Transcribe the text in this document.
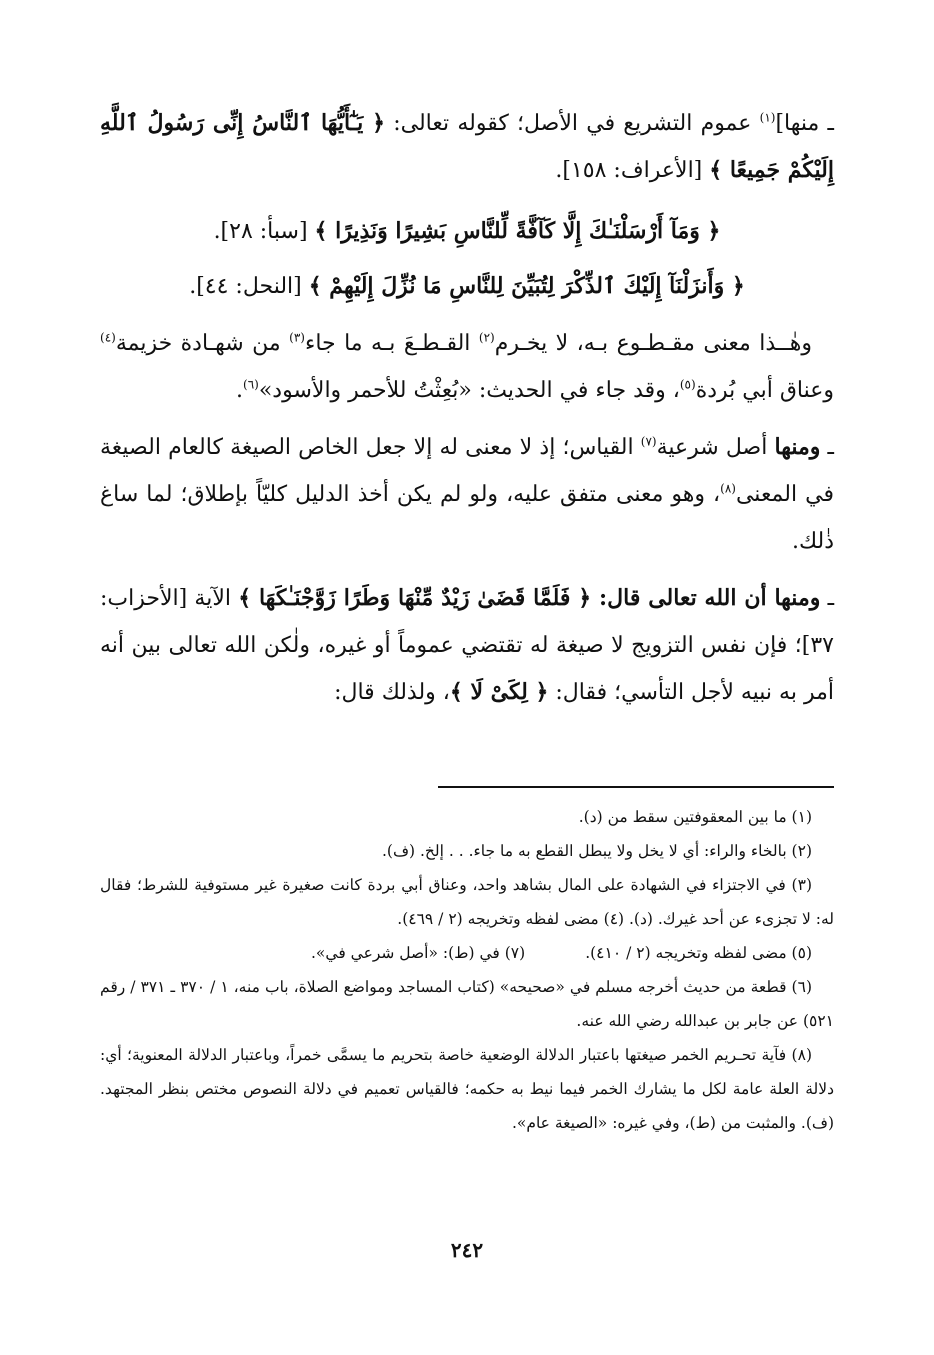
ـ منها]$^{(١)}$ عموم التشريع في الأصل؛ كقوله تعالى: ﴿ يَـٰٓأَيُّهَا ٱلنَّاسُ إِنِّى رَسُولُ ٱللَّهِ إِلَيْكُمْ جَمِيعًا ﴾ [الأعراف: ١٥٨].

﴿ وَمَآ أَرْسَلْنَـٰكَ إِلَّا كَآفَّةً لِّلنَّاسِ بَشِيرًا وَنَذِيرًا ﴾ [سبأ: ٢٨].

﴿ وَأَنزَلْنَآ إِلَيْكَ ٱلذِّكْرَ لِتُبَيِّنَ لِلنَّاسِ مَا نُزِّلَ إِلَيْهِمْ ﴾ [النحل: ٤٤].

وهٰــذا معنى مقـطـوع بـه، لا يخـرم$^{(٢)}$ القـطـعَ بـه ما جاء$^{(٣)}$ من شهـادة خزيمة$^{(٤)}$ وعناق أبي بُردة$^{(٥)}$، وقد جاء في الحديث: «بُعِثْتُ للأحمر والأسود»$^{(٦)}$.

ـ ومنها أصل شرعية$^{(٧)}$ القياس؛ إذ لا معنى له إلا جعل الخاص الصيغة كالعام الصيغة في المعنى$^{(٨)}$، وهو معنى متفق عليه، ولو لم يكن أخذ الدليل كليّاً بإطلاق؛ لما ساغ ذٰلك.

ـ ومنها أن الله تعالى قال: ﴿ فَلَمَّا قَضَىٰ زَيْدٌ مِّنْهَا وَطَرًا زَوَّجْنَـٰكَهَا ﴾ الآية [الأحزاب: ٣٧]؛ فإن نفس التزويج لا صيغة له تقتضي عموماً أو غيره، ولٰكن الله تعالى بين أنه أمر به نبيه لأجل التأسي؛ فقال: ﴿ لِكَىْ لَا ﴾، ولذلك قال:

(١) ما بين المعقوفتين سقط من (د).

(٢) بالخاء والراء: أي لا يخل ولا يبطل القطع به ما جاء. . . إلخ. (ف).

(٣) في الاجتزاء في الشهادة على المال بشاهد واحد، وعناق أبي بردة كانت صغيرة غير مستوفية للشرط؛ فقال له: لا تجزىء عن أحد غيرك. (د). (٤) مضى لفظه وتخريجه (٢ / ٤٦٩).

(٥) مضى لفظه وتخريجه (٢ / ٤١٠).
(٧) في (ط): «أصل شرعي في».

(٦) قطعة من حديث أخرجه مسلم في «صحيحه» (كتاب المساجد ومواضع الصلاة، باب منه، ١ / ٣٧٠ ـ ٣٧١ / رقم ٥٢١) عن جابر بن عبدالله رضي الله عنه.

(٨) فآية تحـريم الخمر صيغتها باعتبار الدلالة الوضعية خاصة بتحريم ما يسمَّى خمراً، وباعتبار الدلالة المعنوية؛ أي: دلالة العلة عامة لكل ما يشارك الخمر فيما نيط به حكمه؛ فالقياس تعميم في دلالة النصوص مختص بنظر المجتهد. (ف). والمثبت من (ط)، وفي غيره: «الصيغة عام».

٢٤٢
